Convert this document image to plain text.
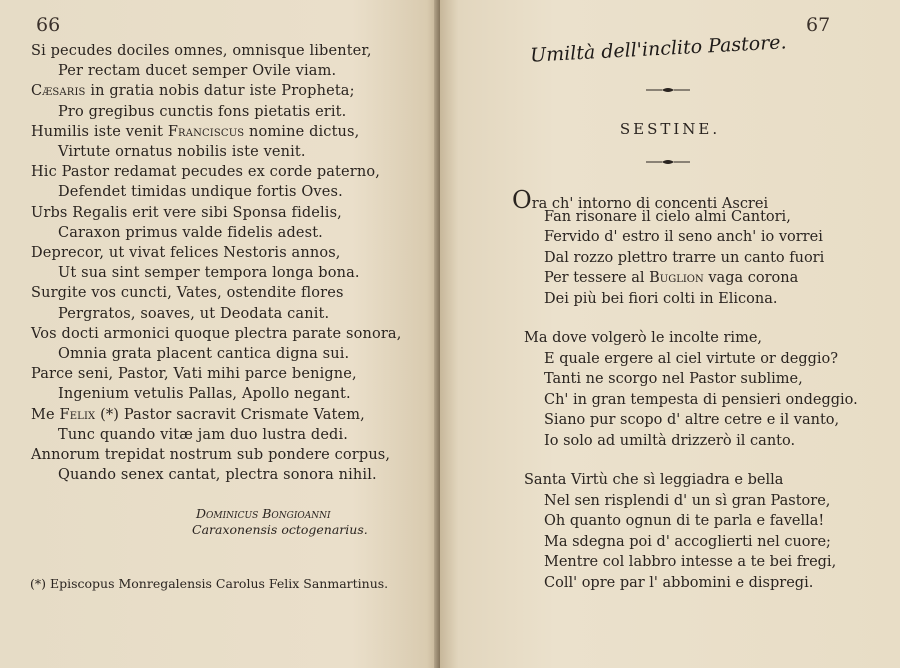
66
Si pecudes dociles omnes, omnisque libenter,
Per rectam ducet semper Ovile viam.
Cæsaris in gratia nobis datur iste Propheta;
Pro gregibus cunctis fons pietatis erit.
Humilis iste venit Franciscus nomine dictus,
Virtute ornatus nobilis iste venit.
Hic Pastor redamat pecudes ex corde paterno,
Defendet timidas undique fortis Oves.
Urbs Regalis erit vere sibi Sponsa fidelis,
Caraxon primus valde fidelis adest.
Deprecor, ut vivat felices Nestoris annos,
Ut sua sint semper tempora longa bona.
Surgite vos cuncti, Vates, ostendite flores
Pergratos, soaves, ut Deodata canit.
Vos docti armonici quoque plectra parate sonora,
Omnia grata placent cantica digna sui.
Parce seni, Pastor, Vati mihi parce benigne,
Ingenium vetulis Pallas, Apollo negant.
Me Felix (*) Pastor sacravit Crismate Vatem,
Tunc quando vitæ jam duo lustra dedi.
Annorum trepidat nostrum sub pondere corpus,
Quando senex cantat, plectra sonora nihil.
Dominicus Bongioanni
Caraxonensis octogenarius.
(*) Episcopus Monregalensis Carolus Felix Sanmartinus.
67
Umiltà dell'inclito Pastore.
SESTINE.
Ora ch' intorno di concenti Ascrei
Fan risonare il cielo almi Cantori,
Fervido d' estro il seno anch' io vorrei
Dal rozzo plettro trarre un canto fuori
Per tessere al Buglion vaga corona
Dei più bei fiori colti in Elicona.
Ma dove volgerò le incolte rime,
E quale ergere al ciel virtute or deggio?
Tanti ne scorgo nel Pastor sublime,
Ch' in gran tempesta di pensieri ondeggio.
Siano pur scopo d' altre cetre e il vanto,
Io solo ad umiltà drizzerò il canto.
Santa Virtù che sì leggiadra e bella
Nel sen risplendi d' un sì gran Pastore,
Oh quanto ognun di te parla e favella!
Ma sdegna poi d' accoglierti nel cuore;
Mentre col labbro intesse a te bei fregi,
Coll' opre par l' abbomini e dispregi.
